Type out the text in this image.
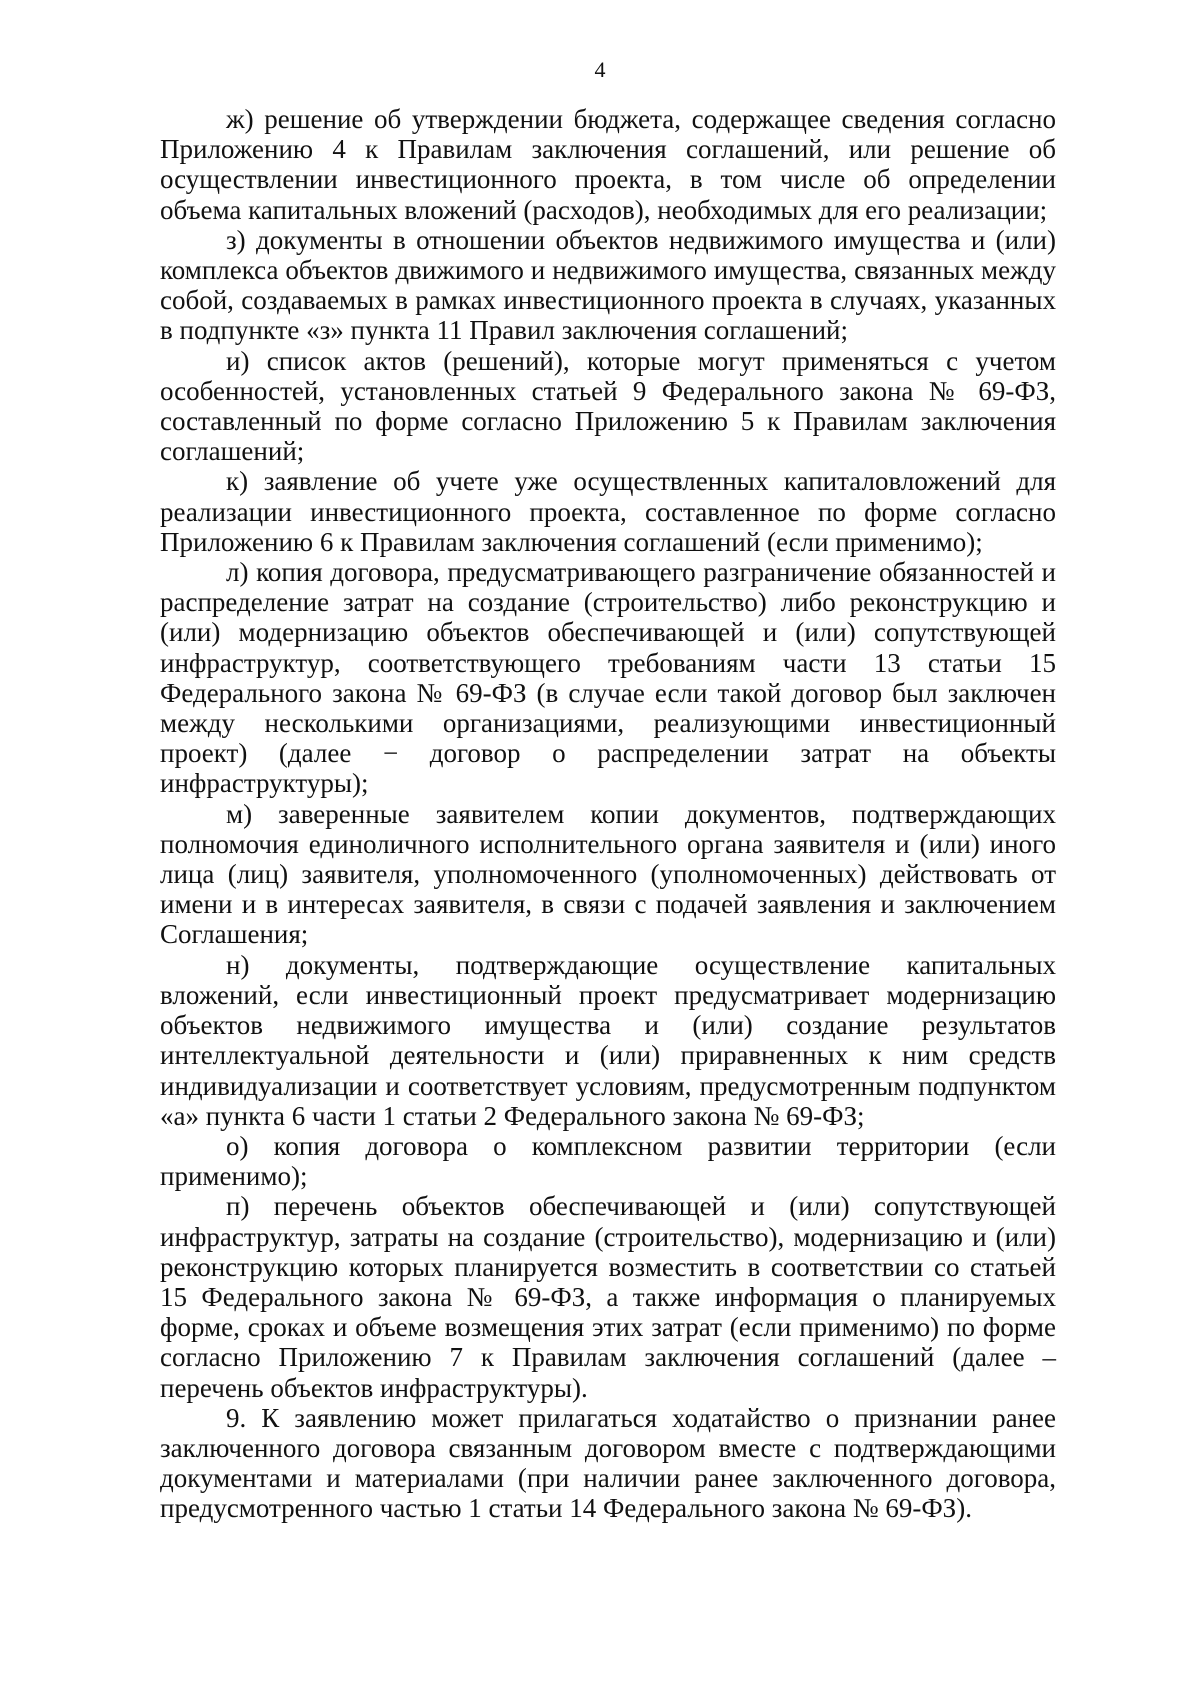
4

ж) решение об утверждении бюджета, содержащее сведения согласно Приложению 4 к Правилам заключения соглашений, или решение об осуществлении инвестиционного проекта, в том числе об определении объема капитальных вложений (расходов), необходимых для его реализации;

з) документы в отношении объектов недвижимого имущества и (или) комплекса объектов движимого и недвижимого имущества, связанных между собой, создаваемых в рамках инвестиционного проекта в случаях, указанных в подпункте «з» пункта 11 Правил заключения соглашений;

и) список актов (решений), которые могут применяться с учетом особенностей, установленных статьей 9 Федерального закона № 69-ФЗ, составленный по форме согласно Приложению 5 к Правилам заключения соглашений;

к) заявление об учете уже осуществленных капиталовложений для реализации инвестиционного проекта, составленное по форме согласно Приложению 6 к Правилам заключения соглашений (если применимо);

л) копия договора, предусматривающего разграничение обязанностей и распределение затрат на создание (строительство) либо реконструкцию и (или) модернизацию объектов обеспечивающей и (или) сопутствующей инфраструктур, соответствующего требованиям части 13 статьи 15 Федерального закона № 69-ФЗ (в случае если такой договор был заключен между несколькими организациями, реализующими инвестиционный проект) (далее − договор о распределении затрат на объекты инфраструктуры);

м) заверенные заявителем копии документов, подтверждающих полномочия единоличного исполнительного органа заявителя и (или) иного лица (лиц) заявителя, уполномоченного (уполномоченных) действовать от имени и в интересах заявителя, в связи с подачей заявления и заключением Соглашения;

н) документы, подтверждающие осуществление капитальных вложений, если инвестиционный проект предусматривает модернизацию объектов недвижимого имущества и (или) создание результатов интеллектуальной деятельности и (или) приравненных к ним средств индивидуализации и соответствует условиям, предусмотренным подпунктом «а» пункта 6 части 1 статьи 2 Федерального закона № 69-ФЗ;

о) копия договора о комплексном развитии территории (если применимо);

п) перечень объектов обеспечивающей и (или) сопутствующей инфраструктур, затраты на создание (строительство), модернизацию и (или) реконструкцию которых планируется возместить в соответствии со статьей 15 Федерального закона № 69-ФЗ, а также информация о планируемых форме, сроках и объеме возмещения этих затрат (если применимо) по форме согласно Приложению 7 к Правилам заключения соглашений (далее – перечень объектов инфраструктуры).

9. К заявлению может прилагаться ходатайство о признании ранее заключенного договора связанным договором вместе с подтверждающими документами и материалами (при наличии ранее заключенного договора, предусмотренного частью 1 статьи 14 Федерального закона № 69-ФЗ).
